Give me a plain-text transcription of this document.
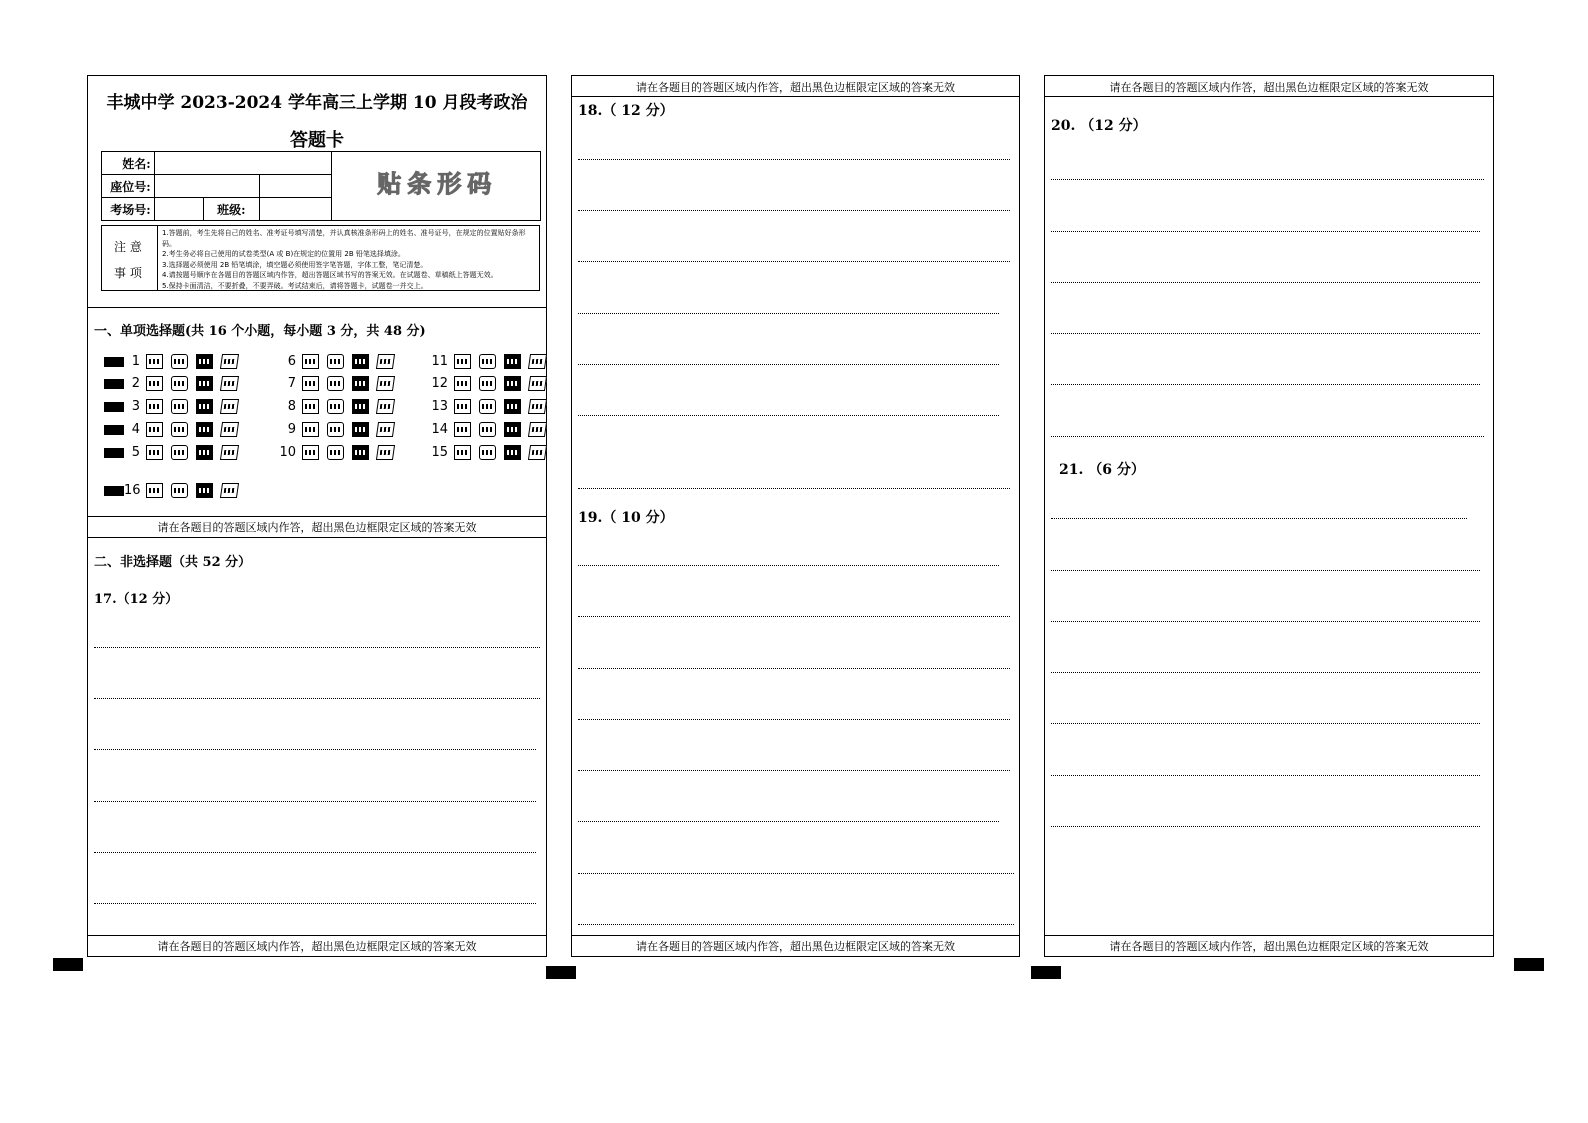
丰城中学 2023-2024 学年高三上学期 10 月段考政治
答题卡
姓名:				贴条形码

座位号:				
考场号:		班级:		
注 意
事 项
1.答题前，考生先将自己的姓名、准考证号填写清楚，并认真核准条形码上的姓名、准号证号，在规定的位置贴好条形码。
2.考生务必将自己使用的试卷类型(A 或 B)在规定的位置用 2B 铅笔选择填涂。
3.选择题必须使用 2B 铅笔填涂，填空题必须使用签字笔答题，字体工整，笔记清楚。
4.请按题号顺序在各题目的答题区域内作答，超出答题区域书写的答案无效。在试题卷、草稿纸上答题无效。
5.保持卡面清洁，不要折叠，不要弄破。考试结束后，请将答题卡，试题卷一并交上。
一、单项选择题(共 16 个小题，每小题 3 分，共 48 分)
1
2
3
4
5
6
7
8
9
10
11
12
13
14
15
16
请在各题目的答题区域内作答，超出黑色边框限定区域的答案无效
二、非选择题（共 52 分）
17.（12 分）
请在各题目的答题区域内作答，超出黑色边框限定区域的答案无效
请在各题目的答题区域内作答，超出黑色边框限定区域的答案无效
18.（ 12 分）
19.（ 10 分）
请在各题目的答题区域内作答，超出黑色边框限定区域的答案无效
请在各题目的答题区域内作答，超出黑色边框限定区域的答案无效
20. （12 分）
21. （6 分）
请在各题目的答题区域内作答，超出黑色边框限定区域的答案无效
